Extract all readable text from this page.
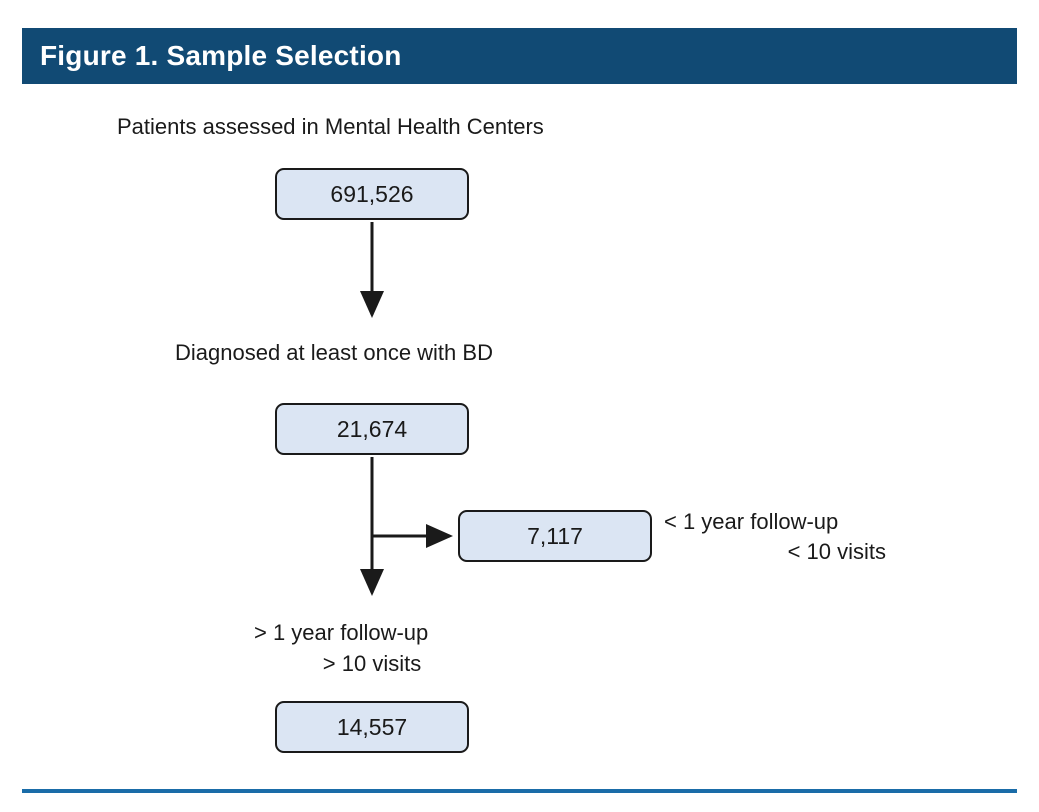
Figure 1. Sample Selection
Patients assessed in Mental Health Centers
691,526
Diagnosed at least once with BD
21,674
7,117
< 1 year follow-up
< 10 visits
> 1 year follow-up
> 10 visits
14,557
